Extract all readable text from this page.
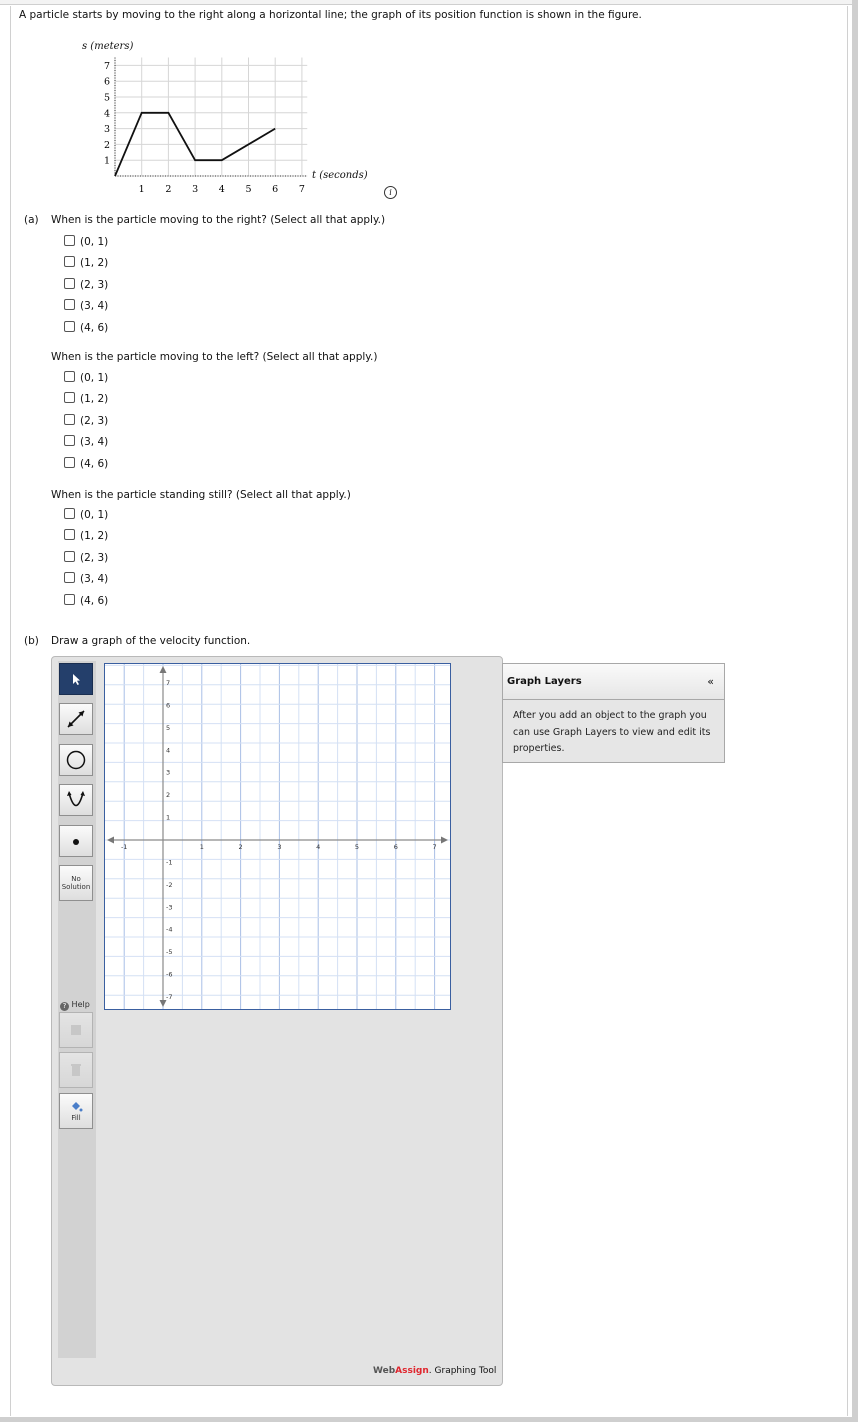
A particle starts by moving to the right along a horizontal line; the graph of its position function is shown in the figure.
s (meters)
1
2
3
4
5
6
7
1 2 3 4 5 6 7
t (seconds)
i
(a) When is the particle moving to the right? (Select all that apply.)
(0, 1)
(1, 2)
(2, 3)
(3, 4)
(4, 6)
When is the particle moving to the left? (Select all that apply.)
(0, 1)
(1, 2)
(2, 3)
(3, 4)
(4, 6)
When is the particle standing still? (Select all that apply.)
(0, 1)
(1, 2)
(2, 3)
(3, 4)
(4, 6)
(b) Draw a graph of the velocity function.
No
Solution
? Help
Fill
-1	1	2	3	4	5	6	7
1
2
3
4
5
6
7
-1
-2
-3
-4
-5
-6
-7
Graph Layers	«
After you add an object to the graph you can use Graph Layers to view and edit its properties.
WebAssign. Graphing Tool
